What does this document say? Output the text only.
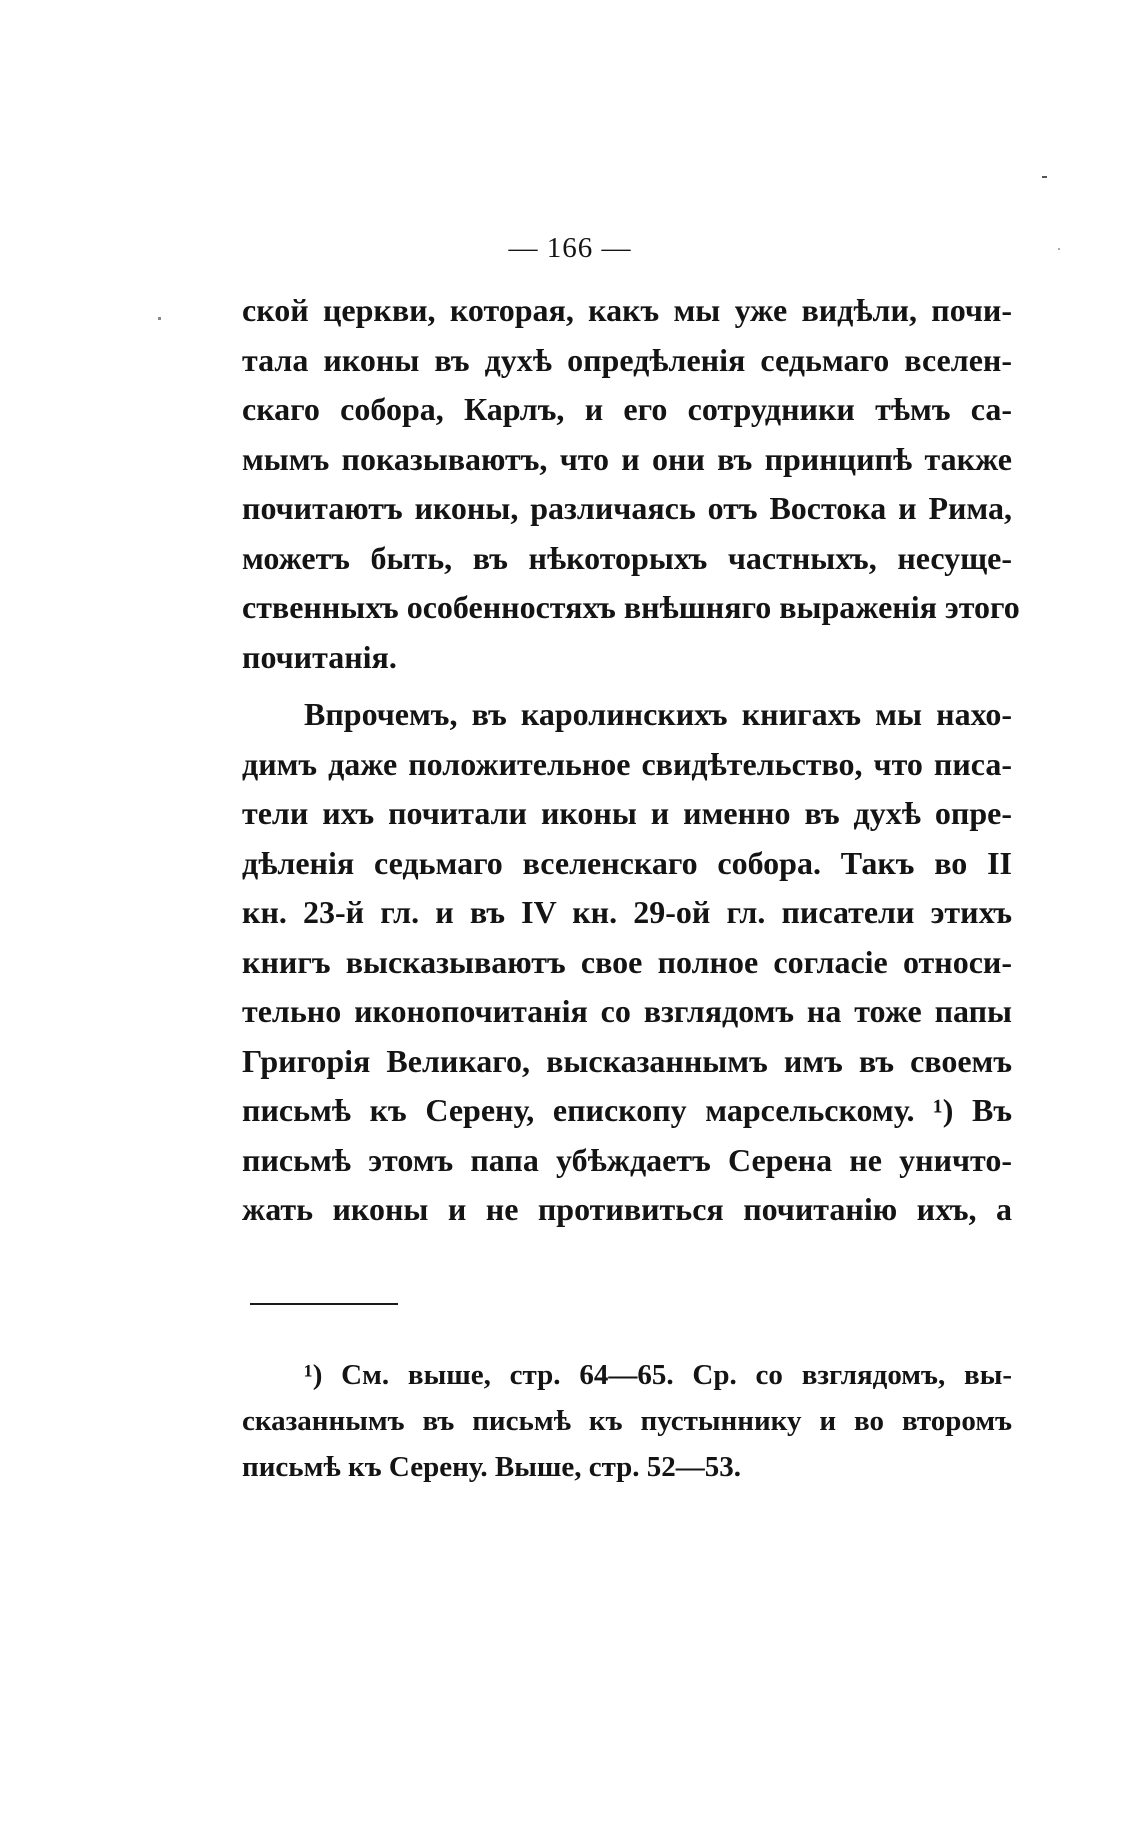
— 166 —
ской церкви, которая, какъ мы уже видѣли, почи-
тала иконы въ духѣ опредѣленія седьмаго вселен-
скаго собора, Карлъ, и его сотрудники тѣмъ са-
мымъ показываютъ, что и они въ принципѣ также
почитаютъ иконы, различаясь отъ Востока и Рима,
можетъ быть, въ нѣкоторыхъ частныхъ, несуще-
ственныхъ особенностяхъ внѣшняго выраженія этого
почитанія.
Впрочемъ, въ каролинскихъ книгахъ мы нахо-
димъ даже положительное свидѣтельство, что писа-
тели ихъ почитали иконы и именно въ духѣ опре-
дѣленія седьмаго вселенскаго собора. Такъ во II
кн. 23-й гл. и въ IV кн. 29-ой гл. писатели этихъ
книгъ высказываютъ свое полное согласіе относи-
тельно иконопочитанія со взглядомъ на тоже папы
Григорія Великаго, высказаннымъ имъ въ своемъ
письмѣ къ Серену, епископу марсельскому. ¹) Въ
письмѣ этомъ папа убѣждаетъ Серена не уничто-
жать иконы и не противиться почитанію ихъ, а
¹) См. выше, стр. 64—65. Ср. со взглядомъ, вы-
сказаннымъ въ письмѣ къ пустыннику и во второмъ
письмѣ къ Серену. Выше, стр. 52—53.
